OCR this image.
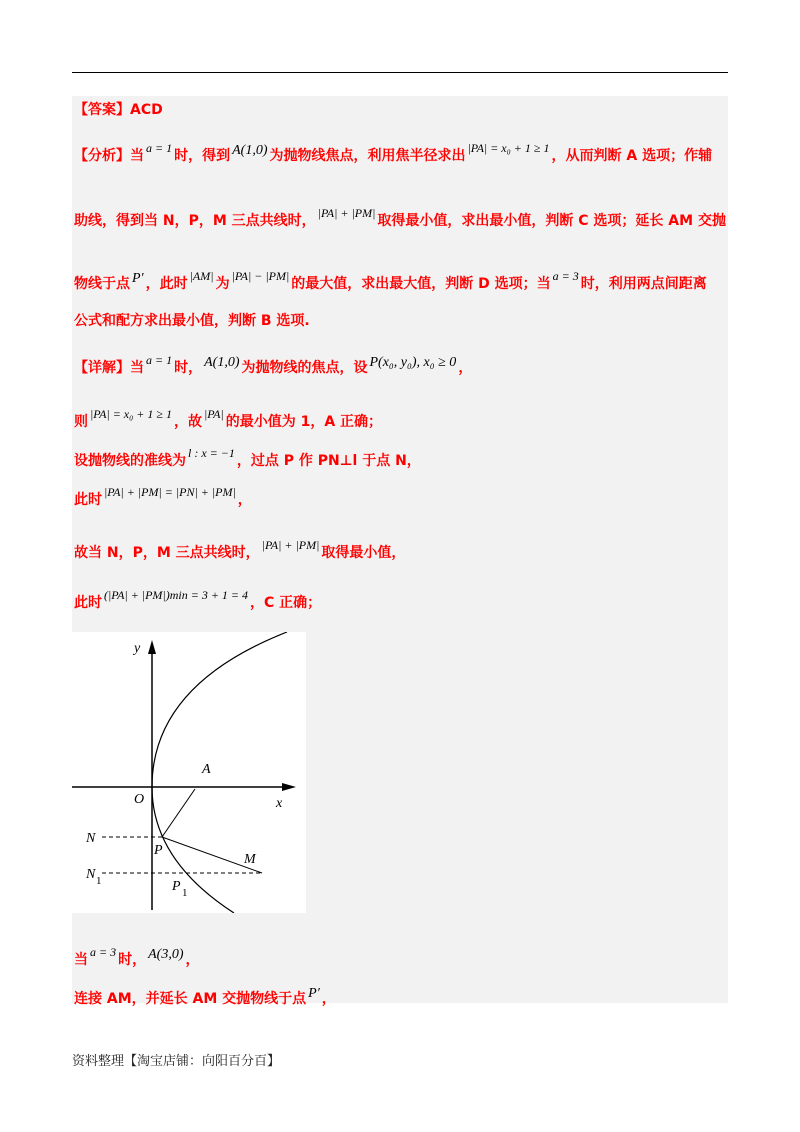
【答案】ACD
【分析】当 a = 1 时，得到 A(1,0) 为抛物线焦点，利用焦半径求出 |PA| = x₀ + 1 ≥ 1 ，从而判断 A 选项；作辅
助线，得到当 N，P，M 三点共线时， |PA| + |PM| 取得最小值，求出最小值，判断 C 选项；延长 AM 交抛
物线于点 P′ ，此时 |AM| 为 |PA| − |PM| 的最大值，求出最大值，判断 D 选项；当 a = 3 时，利用两点间距离
公式和配方求出最小值，判断 B 选项.
【详解】当 a = 1 时， A(1,0) 为抛物线的焦点，设 P(x₀, y₀), x₀ ≥ 0 ，
则 |PA| = x₀ + 1 ≥ 1 ，故 |PA| 的最小值为 1，A 正确；
设抛物线的准线为 l : x = −1 ，过点 P 作 PN⊥l 于点 N，
此时 |PA| + |PM| = |PN| + |PM| ，
故当 N，P，M 三点共线时， |PA| + |PM| 取得最小值，
此时 (|PA| + |PM|)min = 3 + 1 = 4 ，C 正确；
y
x
O
A
N
P
M
N 1	P 1
当 a = 3 时， A(3,0) ，
连接 AM，并延长 AM 交抛物线于点 P′ ，
资料整理【淘宝店铺：向阳百分百】
